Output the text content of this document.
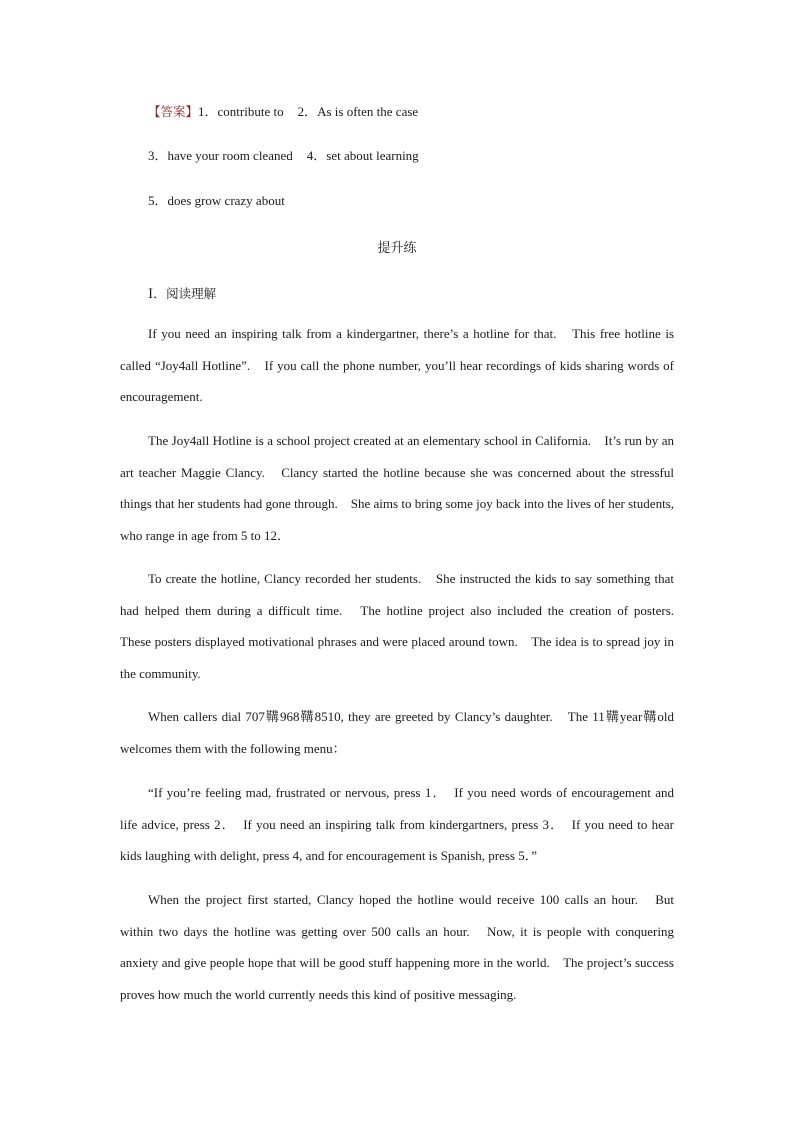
【答案】1．contribute to 2．As is often the case
3．have your room cleaned 4．set about learning
5．does grow crazy about
提升练
Ⅰ．阅读理解

If you need an inspiring talk from a kindergartner, there’s a hotline for that.　This free hotline is called “Joy4all Hotline”.　If you call the phone number, you’ll hear recordings of kids sharing words of encouragement.

The Joy4all Hotline is a school project created at an elementary school in California.　It’s run by an art teacher Maggie Clancy.　Clancy started the hotline because she was concerned about the stressful things that her students had gone through.　She aims to bring some joy back into the lives of her students, who range in age from 5 to 12．

To create the hotline, Clancy recorded her students.　She instructed the kids to say something that had helped them during a difficult time.　The hotline project also included the creation of posters.　These posters displayed motivational phrases and were placed around town.　The idea is to spread joy in the community.

When callers dial 707鞲968鞲8510, they are greeted by Clancy’s daughter.　The 11鞲year鞲old welcomes them with the following menu：

“If you’re feeling mad, frustrated or nervous, press 1．　If you need words of encouragement and life advice, press 2．　If you need an inspiring talk from kindergartners, press 3．　If you need to hear kids laughing with delight, press 4, and for encouragement is Spanish, press 5．”

When the project first started, Clancy hoped the hotline would receive 100 calls an hour.　But within two days the hotline was getting over 500 calls an hour.　Now, it is people with conquering anxiety and give people hope that will be good stuff happening more in the world.　The project’s success proves how much the world currently needs this kind of positive messaging.
